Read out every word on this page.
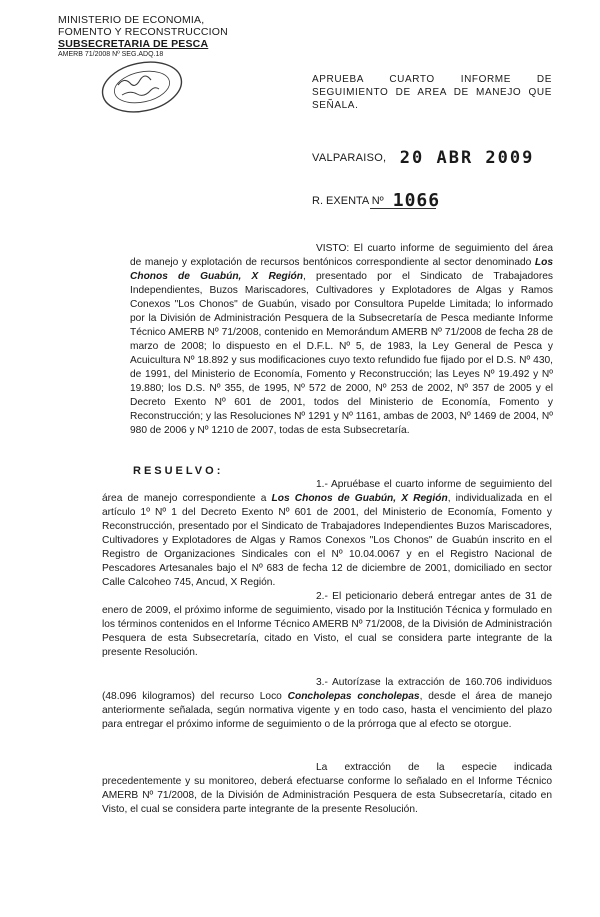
MINISTERIO DE ECONOMIA,
FOMENTO Y RECONSTRUCCION
SUBSECRETARIA DE PESCA
AMERB 71/2008 Nº SEG.ADQ.18
APRUEBA CUARTO INFORME DE SEGUIMIENTO DE AREA DE MANEJO QUE SEÑALA.
VALPARAISO, 20 ABR 2009
R. EXENTA Nº 1066
VISTO: El cuarto informe de seguimiento del área de manejo y explotación de recursos bentónicos correspondiente al sector denominado Los Chonos de Guabún, X Región, presentado por el Sindicato de Trabajadores Independientes, Buzos Mariscadores, Cultivadores y Explotadores de Algas y Ramos Conexos "Los Chonos" de Guabún, visado por Consultora Pupelde Limitada; lo informado por la División de Administración Pesquera de la Subsecretaría de Pesca mediante Informe Técnico AMERB Nº 71/2008, contenido en Memorándum AMERB Nº 71/2008 de fecha 28 de marzo de 2008; lo dispuesto en el D.F.L. Nº 5, de 1983, la Ley General de Pesca y Acuicultura Nº 18.892 y sus modificaciones cuyo texto refundido fue fijado por el D.S. Nº 430, de 1991, del Ministerio de Economía, Fomento y Reconstrucción; las Leyes Nº 19.492 y Nº 19.880; los D.S. Nº 355, de 1995, Nº 572 de 2000, Nº 253 de 2002, Nº 357 de 2005 y el Decreto Exento Nº 601 de 2001, todos del Ministerio de Economía, Fomento y Reconstrucción; y las Resoluciones Nº 1291 y Nº 1161, ambas de 2003, Nº 1469 de 2004, Nº 980 de 2006 y Nº 1210 de 2007, todas de esta Subsecretaría.
RESUELVO:
1.- Apruébase el cuarto informe de seguimiento del área de manejo correspondiente a Los Chonos de Guabún, X Región, individualizada en el artículo 1º Nº 1 del Decreto Exento Nº 601 de 2001, del Ministerio de Economía, Fomento y Reconstrucción, presentado por el Sindicato de Trabajadores Independientes Buzos Mariscadores, Cultivadores y Explotadores de Algas y Ramos Conexos "Los Chonos" de Guabún inscrito en el Registro de Organizaciones Sindicales con el Nº 10.04.0067 y en el Registro Nacional de Pescadores Artesanales bajo el Nº 683 de fecha 12 de diciembre de 2001, domiciliado en sector Calle Calcoheo 745, Ancud, X Región.
2.- El peticionario deberá entregar antes de 31 de enero de 2009, el próximo informe de seguimiento, visado por la Institución Técnica y formulado en los términos contenidos en el Informe Técnico AMERB Nº 71/2008, de la División de Administración Pesquera de esta Subsecretaría, citado en Visto, el cual se considera parte integrante de la presente Resolución.
3.- Autorízase la extracción de 160.706 individuos (48.096 kilogramos) del recurso Loco Concholepas concholepas, desde el área de manejo anteriormente señalada, según normativa vigente y en todo caso, hasta el vencimiento del plazo para entregar el próximo informe de seguimiento o de la prórroga que al efecto se otorgue.
La extracción de la especie indicada precedentemente y su monitoreo, deberá efectuarse conforme lo señalado en el Informe Técnico AMERB Nº 71/2008, de la División de Administración Pesquera de esta Subsecretaría, citado en Visto, el cual se considera parte integrante de la presente Resolución.
